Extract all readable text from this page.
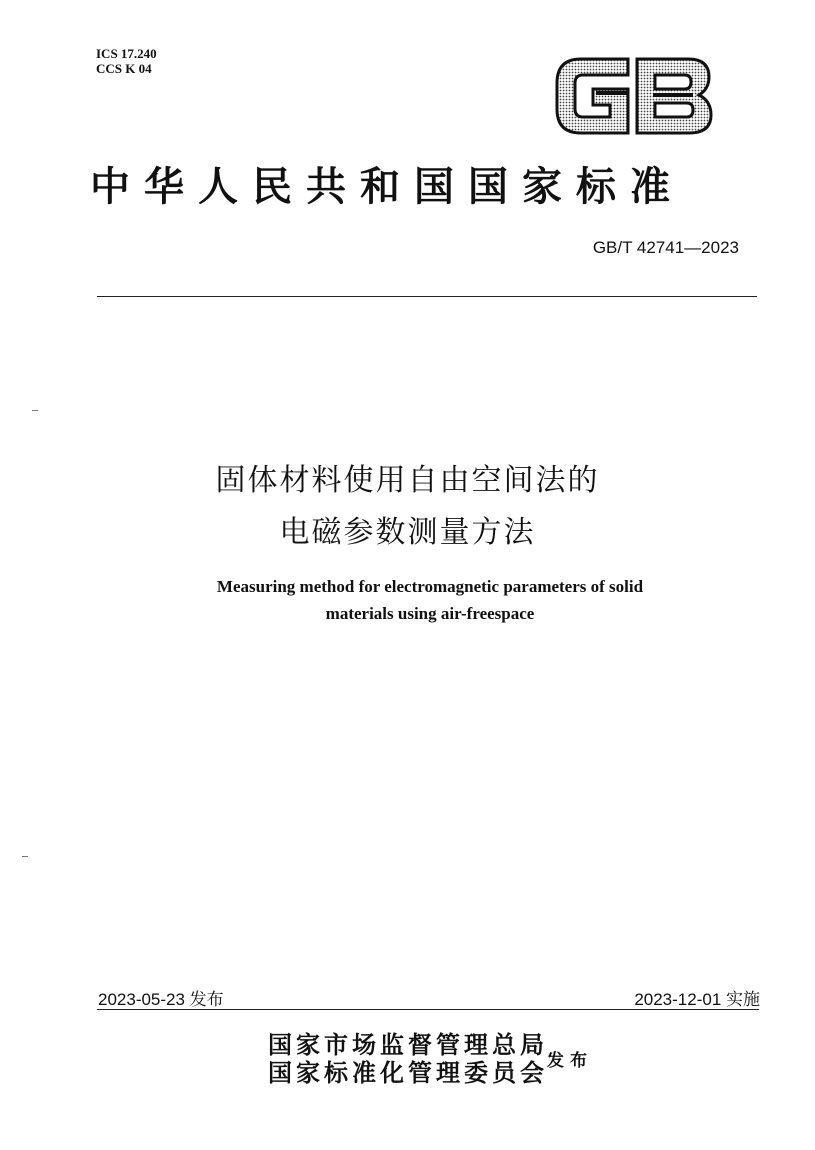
ICS 17.240
CCS K 04
中华人民共和国国家标准
GB/T 42741—2023
固体材料使用自由空间法的
电磁参数测量方法
Measuring method for electromagnetic parameters of solid
materials using air-freespace
2023-05-23 发布	2023-12-01 实施
国家市场监督管理总局
国家标准化管理委员会 发布
